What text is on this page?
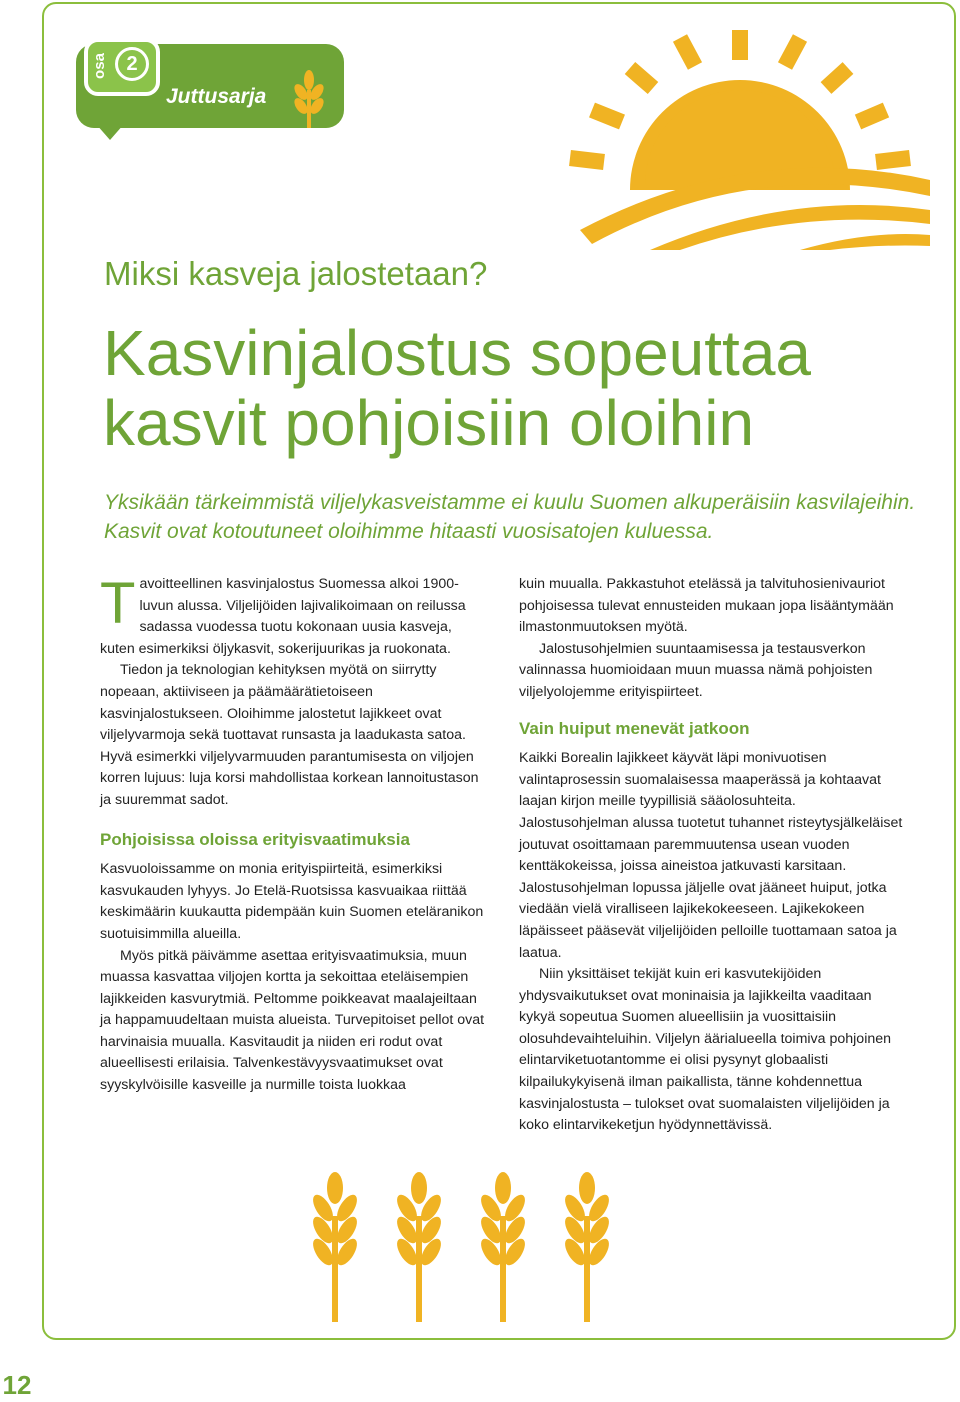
osa 2
Juttusarja
Miksi kasveja jalostetaan?
Kasvinjalostus sopeuttaa
kasvit pohjoisiin oloihin
Yksikään tärkeimmistä viljelykasveistamme ei kuulu Suomen alkuperäisiin kasvilajeihin. Kasvit ovat kotoutuneet oloihimme hitaasti vuosisatojen kuluessa.

Tavoitteellinen kasvinjalostus Suomessa alkoi 1900-luvun alussa. Viljelijöiden lajivalikoimaan on reilussa sadassa vuodessa tuotu kokonaan uusia kasveja, kuten esimerkiksi öljykasvit, sokerijuurikas ja ruokonata.

Tiedon ja teknologian kehityksen myötä on siirrytty nopeaan, aktiiviseen ja päämäärätietoiseen kasvinjalostukseen. Oloihimme jalostetut lajikkeet ovat viljelyvarmoja sekä tuottavat runsasta ja laadukasta satoa. Hyvä esimerkki viljelyvarmuuden parantumisesta on viljojen korren lujuus: luja korsi mahdollistaa korkean lannoitustason ja suuremmat sadot.

Pohjoisissa oloissa erityisvaatimuksia

Kasvuoloissamme on monia erityispiirteitä, esimerkiksi kasvukauden lyhyys. Jo Etelä-Ruotsissa kasvuaikaa riittää keskimäärin kuukautta pidempään kuin Suomen eteläranikon suotuisimmilla alueilla.

Myös pitkä päivämme asettaa erityisvaatimuksia, muun muassa kasvattaa viljojen kortta ja sekoittaa eteläisempien lajikkeiden kasvurytmiä. Peltomme poikkeavat maalajeiltaan ja happamuudeltaan muista alueista. Turvepitoiset pellot ovat harvinaisia muualla. Kasvitaudit ja niiden eri rodut ovat alueellisesti erilaisia. Talvenkestävyysvaatimukset ovat syyskylvöisille kasveille ja nurmille toista luokkaa

kuin muualla. Pakkastuhot etelässä ja talvituhosienivauriot pohjoisessa tulevat ennusteiden mukaan jopa lisääntymään ilmastonmuutoksen myötä.

Jalostusohjelmien suuntaamisessa ja testausverkon valinnassa huomioidaan muun muassa nämä pohjoisten viljelyolojemme erityispiirteet.

Vain huiput menevät jatkoon

Kaikki Borealin lajikkeet käyvät läpi monivuotisen valintaprosessin suomalaisessa maaperässä ja kohtaavat laajan kirjon meille tyypillisiä sääolosuhteita. Jalostusohjelman alussa tuotetut tuhannet risteytysjälkeläiset joutuvat osoittamaan paremmuutensa usean vuoden kenttäkokeissa, joissa aineistoa jatkuvasti karsitaan. Jalostusohjelman lopussa jäljelle ovat jääneet huiput, jotka viedään vielä viralliseen lajikekokeeseen. Lajikekokeen läpäisseet pääsevät viljelijöiden pelloille tuottamaan satoa ja laatua.

Niin yksittäiset tekijät kuin eri kasvutekijöiden yhdysvaikutukset ovat moninaisia ja lajikkeilta vaaditaan kykyä sopeutua Suomen alueellisiin ja vuosittaisiin olosuhdevaihteluihin. Viljelyn äärialueella toimiva pohjoinen elintarviketuotantomme ei olisi pysynyt globaalisti kilpailukykyisenä ilman paikallista, tänne kohdennettua kasvinjalostusta – tulokset ovat suomalaisten viljelijöiden ja koko elintarvikeketjun hyödynnettävissä.

12
